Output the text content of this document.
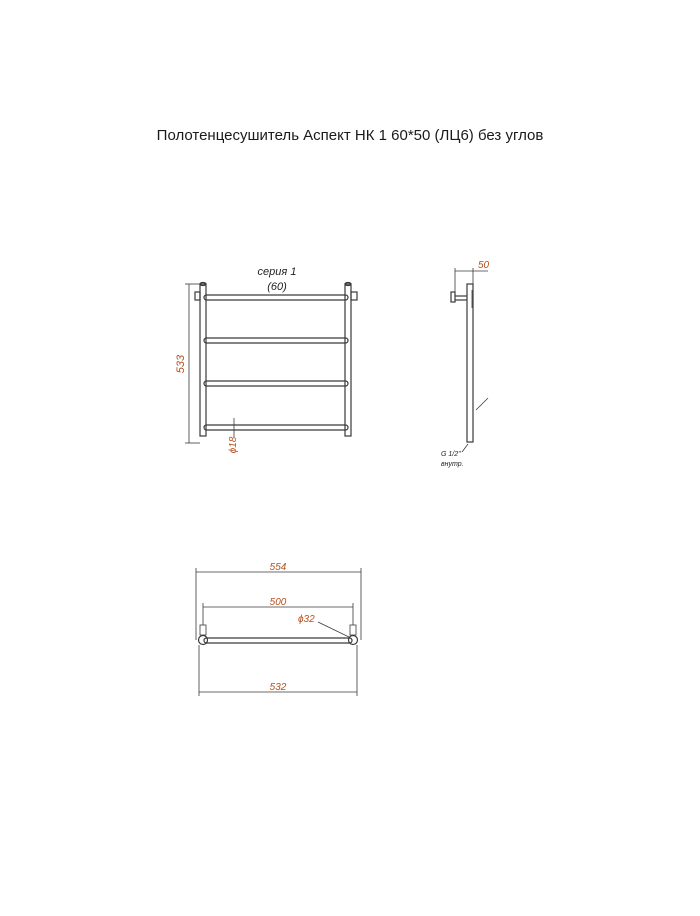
Полотенцесушитель Аспект НК 1 60*50 (ЛЦ6) без углов
533
ϕ18
серия 1
(60)
50
G 1/2"
внутр.
554
500
ϕ32
532
